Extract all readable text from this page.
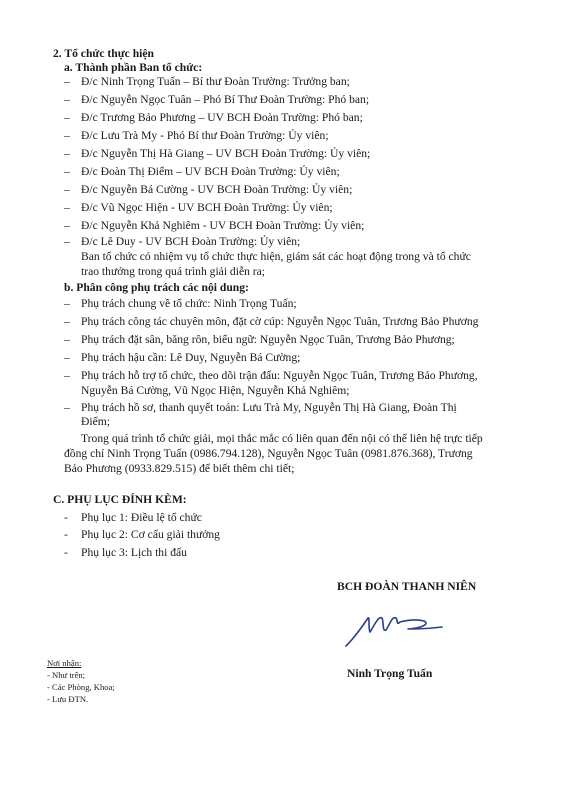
2. Tổ chức thực hiện
a. Thành phần Ban tổ chức:
– Đ/c Ninh Trọng Tuấn – Bí thư Đoàn Trường: Trưởng ban;
– Đ/c Nguyễn Ngọc Tuân – Phó Bí Thư Đoàn Trường: Phó ban;
– Đ/c Trương Bảo Phương – UV BCH Đoàn Trường: Phó ban;
– Đ/c Lưu Trà My - Phó Bí thư Đoàn Trường: Ủy viên;
– Đ/c Nguyễn Thị Hà Giang – UV BCH Đoàn Trường: Ủy viên;
– Đ/c Đoàn Thị Điểm – UV BCH Đoàn Trường: Ủy viên;
– Đ/c Nguyễn Bá Cường - UV BCH Đoàn Trường: Ủy viên;
– Đ/c Vũ Ngọc Hiện - UV BCH Đoàn Trường: Ủy viên;
– Đ/c Nguyễn Khả Nghiêm - UV BCH Đoàn Trường: Ủy viên;
– Đ/c Lê Duy - UV BCH Đoàn Trường: Ủy viên;
Ban tổ chức có nhiệm vụ tổ chức thực hiện, giám sát các hoạt động trong và tổ chức
trao thưởng trong quá trình giải diễn ra;
b. Phân công phụ trách các nội dung:
– Phụ trách chung về tổ chức: Ninh Trọng Tuấn;
– Phụ trách công tác chuyên môn, đặt cờ cúp: Nguyễn Ngọc Tuân, Trương Bảo Phương
– Phụ trách đặt sân, băng rôn, biểu ngữ: Nguyễn Ngọc Tuân, Trương Bảo Phương;
– Phụ trách hậu cần: Lê Duy, Nguyễn Bá Cường;
– Phụ trách hỗ trợ tổ chức, theo dõi trận đấu: Nguyễn Ngọc Tuân, Trương Bảo Phương,
Nguyễn Bá Cường, Vũ Ngọc Hiện, Nguyễn Khả Nghiêm;
– Phụ trách hồ sơ, thanh quyết toán: Lưu Trà My, Nguyễn Thị Hà Giang, Đoàn Thị
Điểm;
Trong quá trình tổ chức giải, mọi thắc mắc có liên quan đến nội có thể liên hệ trực tiếp
đồng chí Ninh Trọng Tuấn (0986.794.128), Nguyễn Ngọc Tuân (0981.876.368), Trương
Bảo Phương (0933.829.515) để biết thêm chi tiết;
C. PHỤ LỤC ĐÍNH KÈM:
- Phụ lục 1: Điều lệ tổ chức
- Phụ lục 2: Cơ cấu giải thưởng
- Phụ lục 3: Lịch thi đấu
BCH ĐOÀN THANH NIÊN
Ninh Trọng Tuấn
Nơi nhận:
- Như trên;
- Các Phòng, Khoa;
- Lưu ĐTN.
